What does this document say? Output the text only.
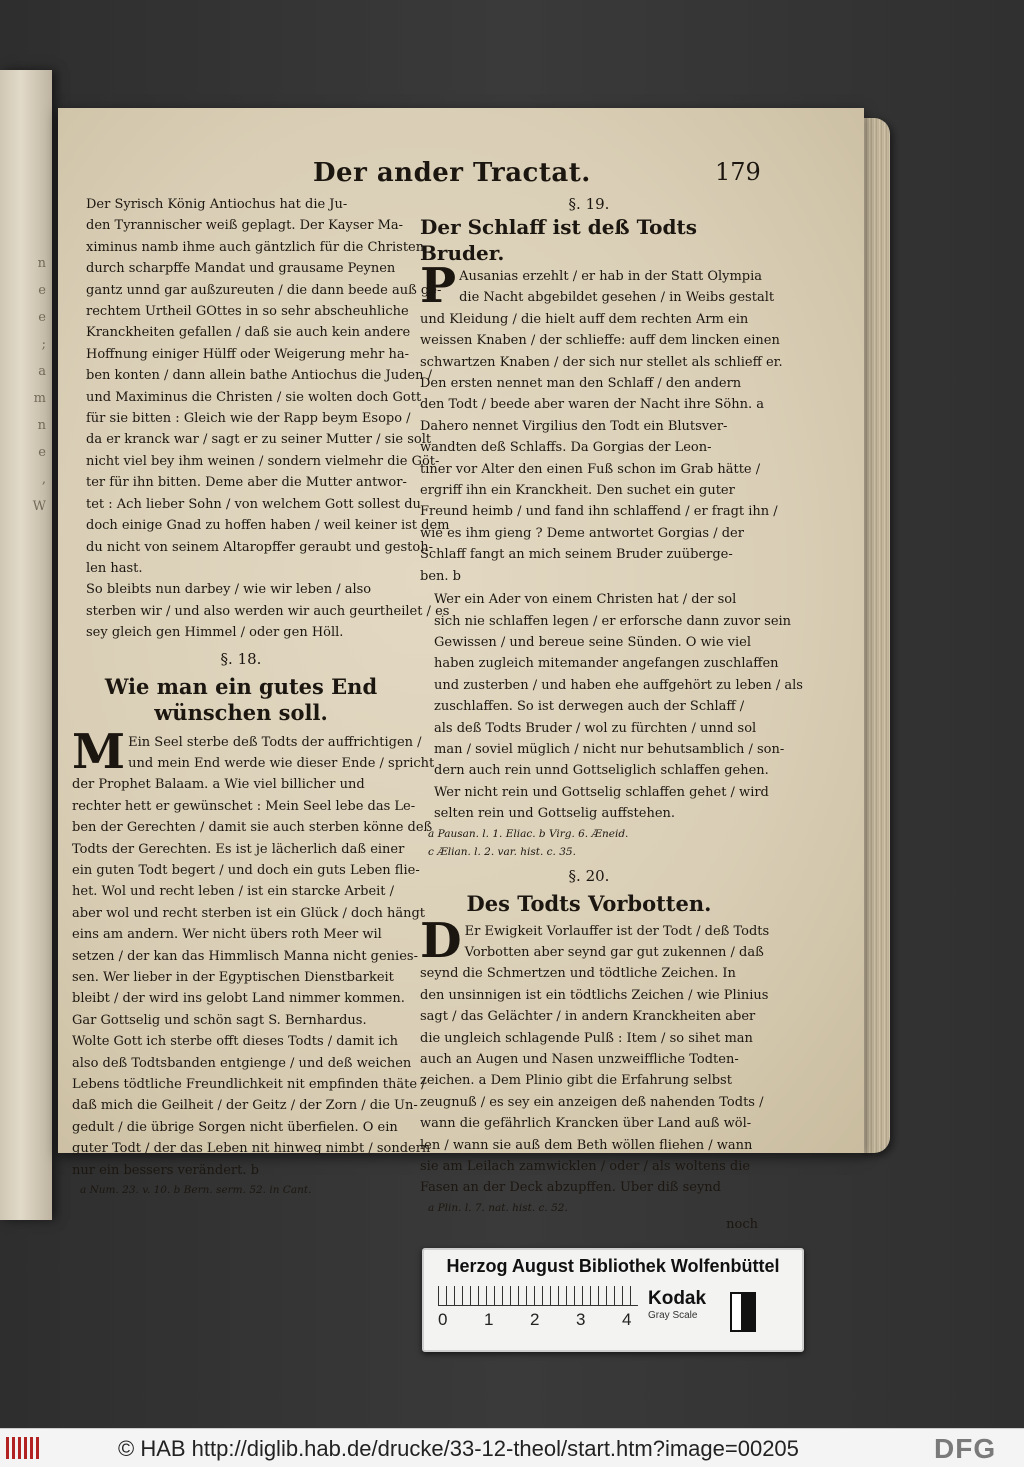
n
e
e
;
a
m
n
e
,
W
Der ander Tractat.	179
Der Syrisch König Antiochus hat die Ju-
den Tyrannischer weiß geplagt. Der Kayser Ma-
ximinus namb ihme auch gäntzlich für die Christen
durch scharpffe Mandat und grausame Peynen
gantz unnd gar außzureuten / die dann beede auß ge-
rechtem Urtheil GOttes in so sehr abscheuhliche
Kranckheiten gefallen / daß sie auch kein andere
Hoffnung einiger Hülff oder Weigerung mehr ha-
ben konten / dann allein bathe Antiochus die Juden /
und Maximinus die Christen / sie wolten doch Gott
für sie bitten : Gleich wie der Rapp beym Esopo /
da er kranck war / sagt er zu seiner Mutter / sie solt
nicht viel bey ihm weinen / sondern vielmehr die Göt-
ter für ihn bitten. Deme aber die Mutter antwor-
tet : Ach lieber Sohn / von welchem Gott sollest du
doch einige Gnad zu hoffen haben / weil keiner ist dem
du nicht von seinem Altaropffer geraubt und gestoh-
len hast.
So bleibts nun darbey / wie wir leben / also
sterben wir / und also werden wir auch geurtheilet / es
sey gleich gen Himmel / oder gen Höll.
§. 18.
Wie man ein gutes End wünschen soll.
M Ein Seel sterbe deß Todts der auffrichtigen /
und mein End werde wie dieser Ende / spricht
der Prophet Balaam. a Wie viel billicher und
rechter hett er gewünschet : Mein Seel lebe das Le-
ben der Gerechten / damit sie auch sterben könne deß
Todts der Gerechten. Es ist je lächerlich daß einer
ein guten Todt begert / und doch ein guts Leben flie-
het. Wol und recht leben / ist ein starcke Arbeit /
aber wol und recht sterben ist ein Glück / doch hängt
eins am andern. Wer nicht übers roth Meer wil
setzen / der kan das Himmlisch Manna nicht genies-
sen. Wer lieber in der Egyptischen Dienstbarkeit
bleibt / der wird ins gelobt Land nimmer kommen.
Gar Gottselig und schön sagt S. Bernhardus.
Wolte Gott ich sterbe offt dieses Todts / damit ich
also deß Todtsbanden entgienge / und deß weichen
Lebens tödtliche Freundlichkeit nit empfinden thäte /
daß mich die Geilheit / der Geitz / der Zorn / die Un-
gedult / die übrige Sorgen nicht überfielen. O ein
guter Todt / der das Leben nit hinweg nimbt / sondern
nur ein bessers verändert. b
a Num. 23. v. 10. b Bern. serm. 52. in Cant.
§. 19.
Der Schlaff ist deß Todts Bruder.
P Ausanias erzehlt / er hab in der Statt Olympia
die Nacht abgebildet gesehen / in Weibs gestalt
und Kleidung / die hielt auff dem rechten Arm ein
weissen Knaben / der schlieffe: auff dem lincken einen
schwartzen Knaben / der sich nur stellet als schlieff er.
Den ersten nennet man den Schlaff / den andern
den Todt / beede aber waren der Nacht ihre Söhn. a
Dahero nennet Virgilius den Todt ein Blutsver-
wandten deß Schlaffs. Da Gorgias der Leon-
tiner vor Alter den einen Fuß schon im Grab hätte /
ergriff ihn ein Kranckheit. Den suchet ein guter
Freund heimb / und fand ihn schlaffend / er fragt ihn /
wie es ihm gieng ? Deme antwortet Gorgias / der
Schlaff fangt an mich seinem Bruder zuüberge-
ben. b
Wer ein Ader von einem Christen hat / der sol
sich nie schlaffen legen / er erforsche dann zuvor sein
Gewissen / und bereue seine Sünden. O wie viel
haben zugleich mitemander angefangen zuschlaffen
und zusterben / und haben ehe auffgehört zu leben / als
zuschlaffen. So ist derwegen auch der Schlaff /
als deß Todts Bruder / wol zu fürchten / unnd sol
man / soviel müglich / nicht nur behutsamblich / son-
dern auch rein unnd Gottseliglich schlaffen gehen.
Wer nicht rein und Gottselig schlaffen gehet / wird
selten rein und Gottselig auffstehen.
a Pausan. l. 1. Eliac. b Virg. 6. Æneid.
c Ælian. l. 2. var. hist. c. 35.
§. 20.
Des Todts Vorbotten.
D Er Ewigkeit Vorlauffer ist der Todt / deß Todts
Vorbotten aber seynd gar gut zukennen / daß
seynd die Schmertzen und tödtliche Zeichen. In
den unsinnigen ist ein tödtlichs Zeichen / wie Plinius
sagt / das Gelächter / in andern Kranckheiten aber
die ungleich schlagende Pulß : Item / so sihet man
auch an Augen und Nasen unzweiffliche Todten-
zeichen. a Dem Plinio gibt die Erfahrung selbst
zeugnuß / es sey ein anzeigen deß nahenden Todts /
wann die gefährlich Krancken über Land auß wöl-
len / wann sie auß dem Beth wöllen fliehen / wann
sie am Leilach zamwicklen / oder / als woltens die
Fasen an der Deck abzupffen. Uber diß seynd
a Plin. l. 7. nat. hist. c. 52.
noch
Herzog August Bibliothek Wolfenbüttel
0 1 2 3 4
Kodak
Gray Scale
© HAB http://diglib.hab.de/drucke/33-12-theol/start.htm?image=00205	DFG
